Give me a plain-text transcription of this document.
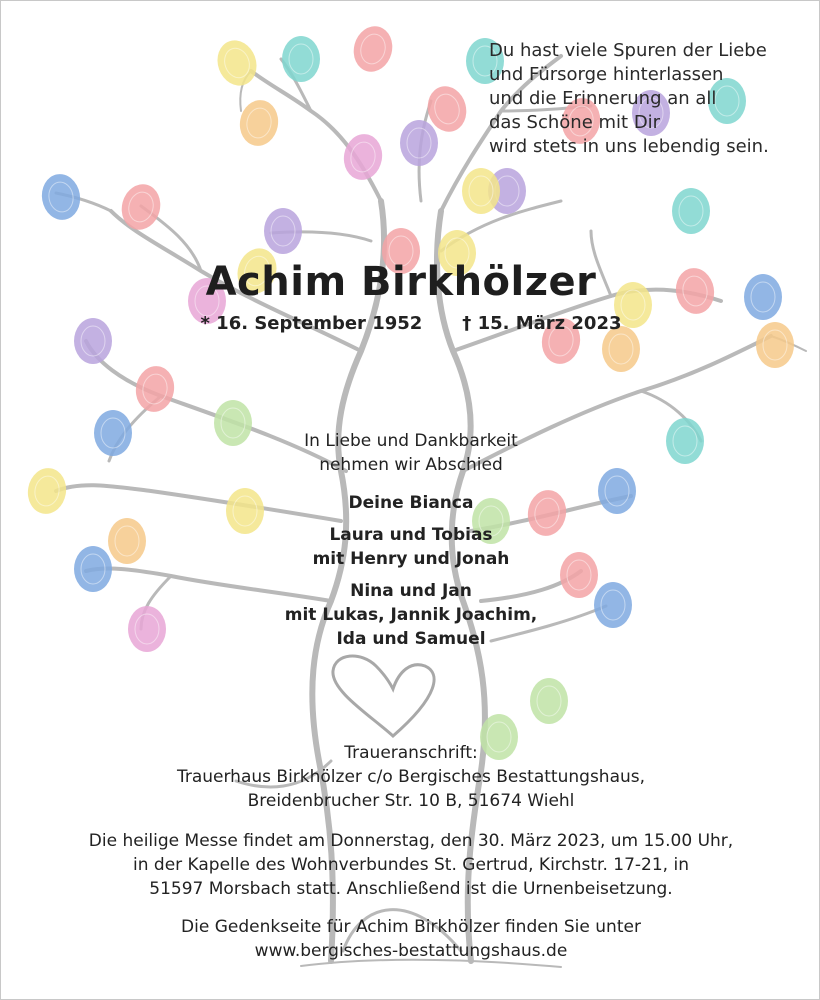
Du hast viele Spuren der Liebe
und Fürsorge hinterlassen
und die Erinnerung an all
das Schöne mit Dir
wird stets in uns lebendig sein.
Achim Birkhölzer
* 16. September 1952 † 15. März 2023
In Liebe und Dankbarkeit
nehmen wir Abschied
Deine Bianca
Laura und Tobias
mit Henry und Jonah
Nina und Jan
mit Lukas, Jannik Joachim,
Ida und Samuel
Traueranschrift:
Trauerhaus Birkhölzer c/o Bergisches Bestattungshaus,
Breidenbrucher Str. 10 B, 51674 Wiehl
Die heilige Messe findet am Donnerstag, den 30. März 2023, um 15.00 Uhr,
in der Kapelle des Wohnverbundes St. Gertrud, Kirchstr. 17-21, in
51597 Morsbach statt. Anschließend ist die Urnenbeisetzung.
Die Gedenkseite für Achim Birkhölzer finden Sie unter
www.bergisches-bestattungshaus.de
